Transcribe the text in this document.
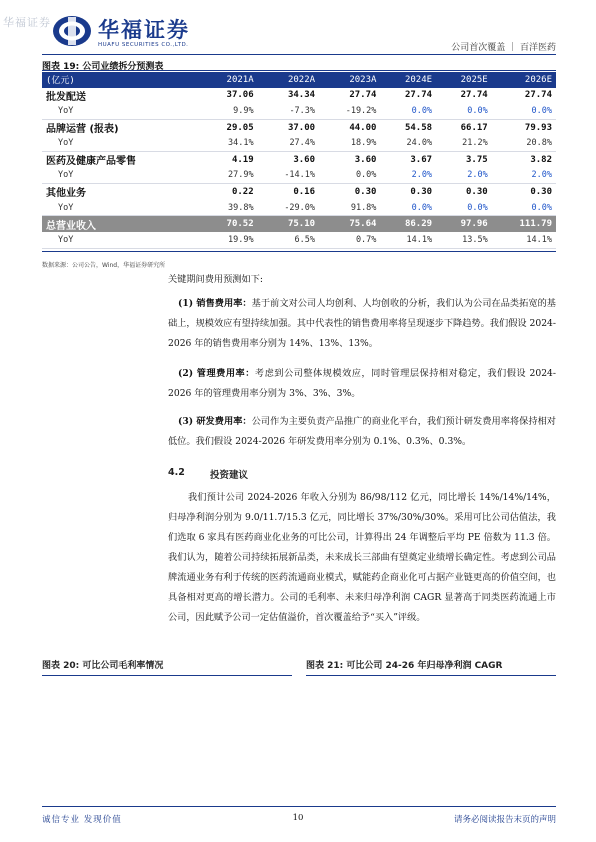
华福证券 华福证券
HUAFU SECURITIES CO.,LTD.	公司首次覆盖 ｜ 百洋医药
图表 19: 公司业绩拆分预测表
(亿元)	2021A	2022A	2023A	2024E	2025E	2026E
批发配送	37.06	34.34	27.74	27.74	27.74	27.74
YoY	9.9%	-7.3%	-19.2%	0.0%	0.0%	0.0%
品牌运营 (报表)	29.05	37.00	44.00	54.58	66.17	79.93
YoY	34.1%	27.4%	18.9%	24.0%	21.2%	20.8%
医药及健康产品零售	4.19	3.60	3.60	3.67	3.75	3.82
YoY	27.9%	-14.1%	0.0%	2.0%	2.0%	2.0%
其他业务	0.22	0.16	0.30	0.30	0.30	0.30
YoY	39.8%	-29.0%	91.8%	0.0%	0.0%	0.0%
总营业收入	70.52	75.10	75.64	86.29	97.96	111.79
YoY	19.9%	6.5%	0.7%	14.1%	13.5%	14.1%
数据来源：公司公告，Wind，华福证券研究所
关键期间费用预测如下:
(1) 销售费用率：基于前文对公司人均创利、人均创收的分析，我们认为公司在品类拓宽的基础上，规模效应有望持续加强。其中代表性的销售费用率将呈现逐步下降趋势。我们假设 2024-2026 年的销售费用率分别为 14%、13%、13%。
(2) 管理费用率：考虑到公司整体规模效应，同时管理层保持相对稳定，我们假设 2024-2026 年的管理费用率分别为 3%、3%、3%。
(3) 研发费用率：公司作为主要负责产品推广的商业化平台，我们预计研发费用率将保持相对低位。我们假设 2024-2026 年研发费用率分别为 0.1%、0.3%、0.3%。
4.2	投资建议
我们预计公司 2024-2026 年收入分别为 86/98/112 亿元，同比增长 14%/14%/14%，归母净利润分别为 9.0/11.7/15.3 亿元，同比增长 37%/30%/30%。采用可比公司估值法，我们选取 6 家具有医药商业化业务的可比公司，计算得出 24 年调整后平均 PE 倍数为 11.3 倍。我们认为，随着公司持续拓展新品类，未来成长三部曲有望奠定业绩增长确定性。考虑到公司品牌流通业务有利于传统的医药流通商业模式，赋能药企商业化可占据产业链更高的价值空间，也具备相对更高的增长潜力。公司的毛利率、未来归母净利润 CAGR 显著高于同类医药流通上市公司，因此赋予公司一定估值溢价，首次覆盖给予“买入”评级。
图表 20: 可比公司毛利率情况	图表 21: 可比公司 24-26 年归母净利润 CAGR
诚信专业 发现价值	10	请务必阅读报告末页的声明
